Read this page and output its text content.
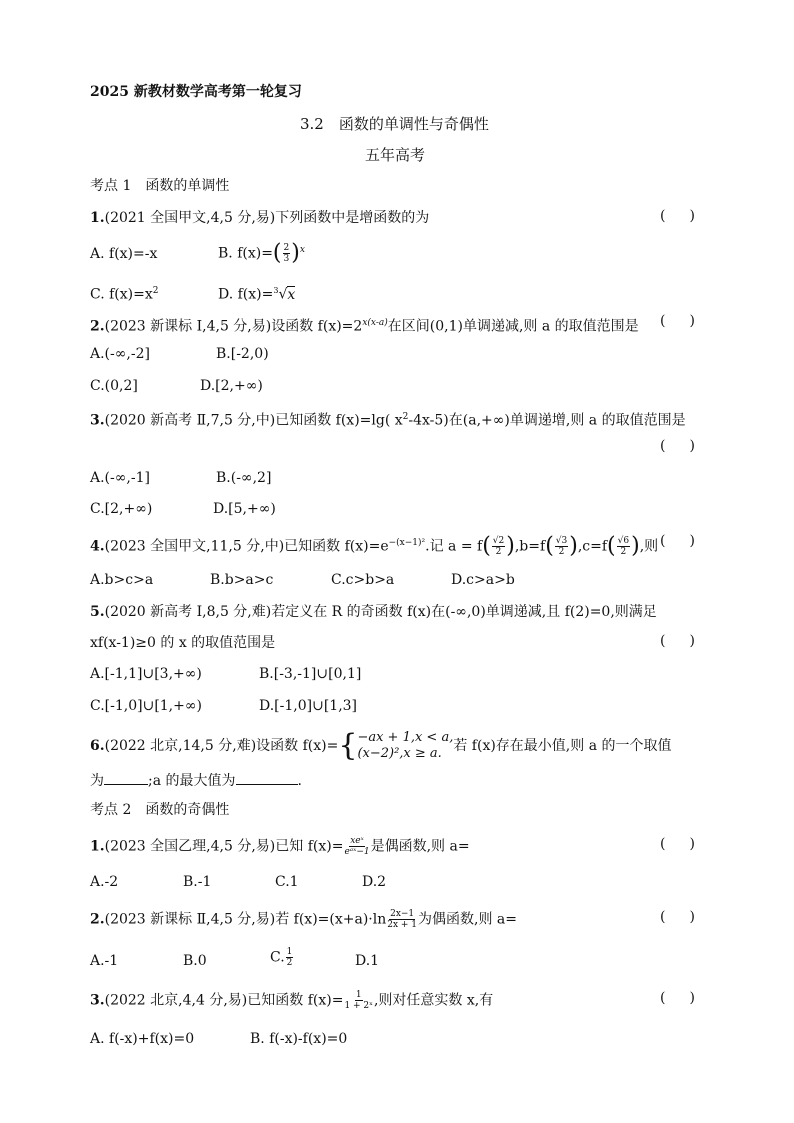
2025 新教材数学高考第一轮复习
3.2　函数的单调性与奇偶性
五年高考
考点 1　函数的单调性
1.(2021 全国甲文,4,5 分,易)下列函数中是增函数的为	( )
A. f(x)=-x	B. $f(x)=( \frac{2}{3} )^x$
C. $f(x)=x^2$	D. f(x)=$^3$√x
2.(2023 新课标 Ⅰ,4,5 分,易)设函数 $f(x)=2^{x(x-a)}$在区间(0,1)单调递减,则 a 的取值范围是 ( )
A.(-∞,-2]	B.[-2,0)
C.(0,2]	D.[2,+∞)
3.(2020 新高考 Ⅱ,7,5 分,中)已知函数 f(x)=lg( $x^2-4x-5$)在(a,+∞)单调递增,则 a 的取值范围是
( )
A.(-∞,-1]	B.(-∞,2]
C.[2,+∞)	D.[5,+∞)
4.(2023 全国甲文,11,5 分,中)已知函数 $f(x)=e^{-(x-1)^2}$.记 $a = f( \frac{√2}{2} ),b=f( \frac{√3}{2} ),c=f( \frac{√6}{2}$ ),则 ( )
A.b>c>a	B.b>a>c	C.c>b>a	D.c>a>b
5.(2020 新高考 Ⅰ,8,5 分,难)若定义在 R 的奇函数 f(x)在(-∞,0)单调递减,且 f(2)=0,则满足
xf(x-1)≥0 的 x 的取值范围是	( )
A.[-1,1]∪[3,+∞)	B.[-3,-1]∪[0,1]
C.[-1,0]∪[1,+∞)	D.[-1,0]∪[1,3]
6.(2022 北京,14,5 分,难)设函数 f(x)={ −ax + 1,x < a,
(x−2)²,x ≥ a. 若 f(x)存在最小值,则 a 的一个取值
为	;a 的最大值为	.
考点 2　函数的奇偶性
1.(2023 全国乙理,4,5 分,易)已知 $f(x)= \frac{\text{xeˣ}}{\text{eᵃˣ−1}}$ 是偶函数,则 a=	( )
A.-2	B.-1	C.1	D.2
2.(2023 新课标 Ⅱ,4,5 分,易)若 $f(x)=(x+a)\cdot\ln \frac{2x-1}{2x + 1}$ 为偶函数,则 a=	( )
A.-1	B.0	C. $\frac{1}{2}$	D.1
3.(2022 北京,4,4 分,易)已知函数 $f(x)= \frac{1}{\text{1 + 2ˣ}}$ ,则对任意实数 x,有	( )
A. f(-x)+f(x)=0	B. f(-x)-f(x)=0
